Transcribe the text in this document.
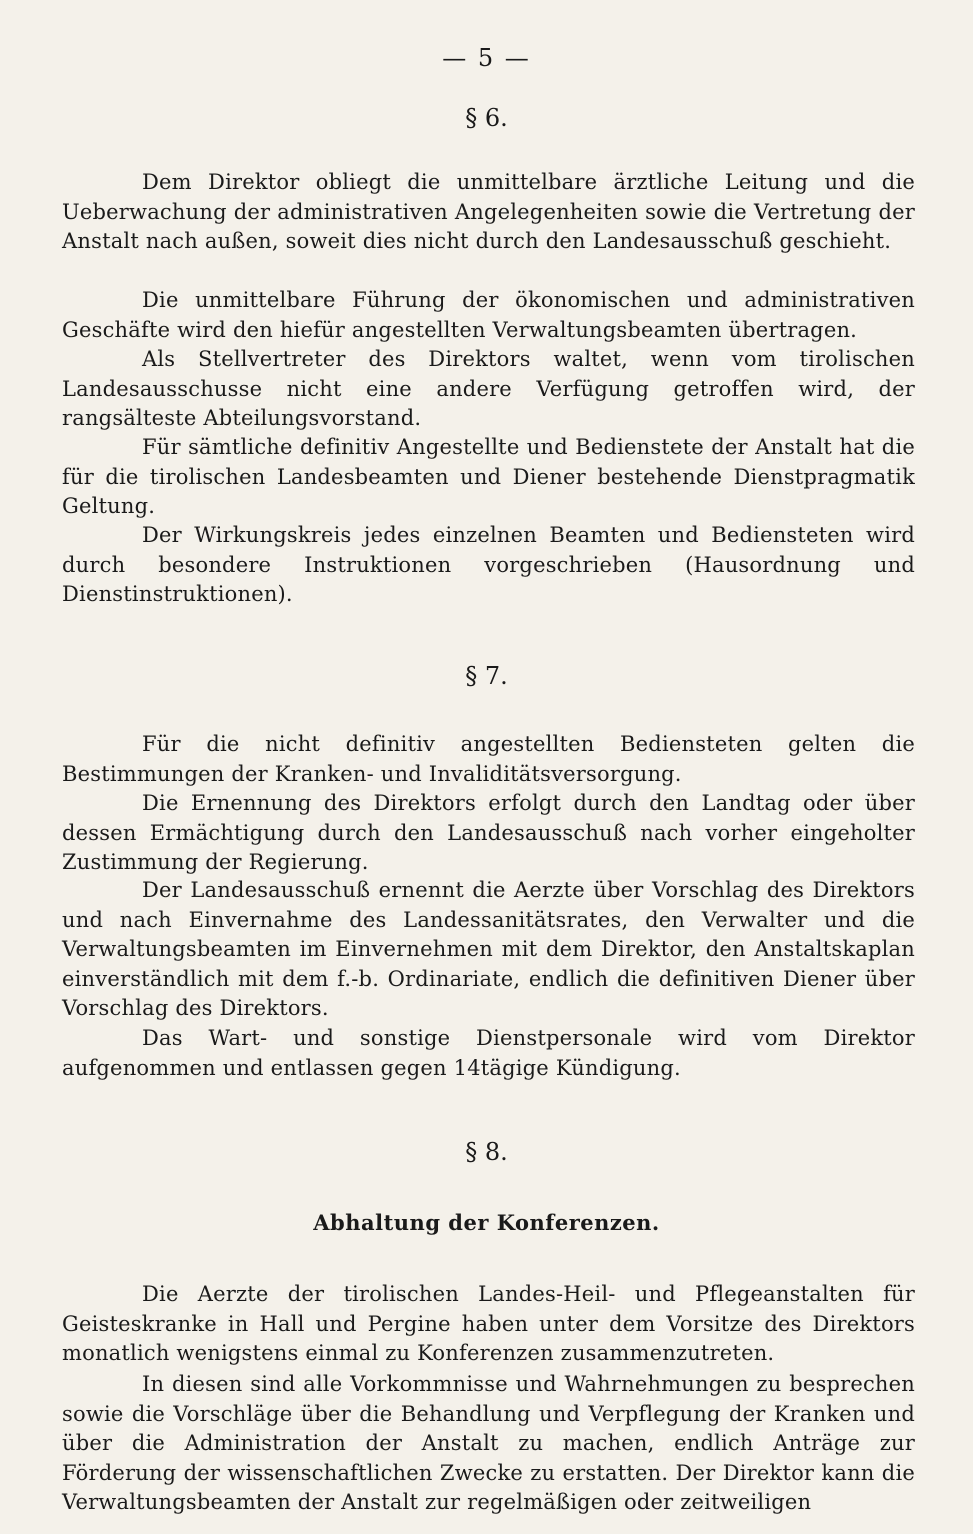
— 5 —
§ 6.

Dem Direktor obliegt die unmittelbare ärztliche Leitung und die Ueberwachung der administrativen Angelegenheiten sowie die Vertretung der Anstalt nach außen, soweit dies nicht durch den Landesausschuß geschieht.

Die unmittelbare Führung der ökonomischen und administrativen Geschäfte wird den hiefür angestellten Verwaltungsbeamten übertragen.

Als Stellvertreter des Direktors waltet, wenn vom tirolischen Landesausschusse nicht eine andere Verfügung getroffen wird, der rangsälteste Abteilungsvorstand.

Für sämtliche definitiv Angestellte und Bedienstete der Anstalt hat die für die tirolischen Landesbeamten und Diener bestehende Dienstpragmatik Geltung.

Der Wirkungskreis jedes einzelnen Beamten und Bediensteten wird durch besondere Instruktionen vorgeschrieben (Hausordnung und Dienstinstruktionen).

§ 7.

Für die nicht definitiv angestellten Bediensteten gelten die Bestimmungen der Kranken- und Invaliditätsversorgung.

Die Ernennung des Direktors erfolgt durch den Landtag oder über dessen Ermächtigung durch den Landesausschuß nach vorher eingeholter Zustimmung der Regierung.

Der Landesausschuß ernennt die Aerzte über Vorschlag des Direktors und nach Einvernahme des Landessanitätsrates, den Verwalter und die Verwaltungsbeamten im Einvernehmen mit dem Direktor, den Anstaltskaplan einverständlich mit dem f.-b. Ordinariate, endlich die definitiven Diener über Vorschlag des Direktors.

Das Wart- und sonstige Dienstpersonale wird vom Direktor aufgenommen und entlassen gegen 14tägige Kündigung.

§ 8.
Abhaltung der Konferenzen.

Die Aerzte der tirolischen Landes-Heil- und Pflegeanstalten für Geisteskranke in Hall und Pergine haben unter dem Vorsitze des Direktors monatlich wenigstens einmal zu Konferenzen zusammenzutreten.

In diesen sind alle Vorkommnisse und Wahrnehmungen zu besprechen sowie die Vorschläge über die Behandlung und Verpflegung der Kranken und über die Administration der Anstalt zu machen, endlich Anträge zur Förderung der wissenschaftlichen Zwecke zu erstatten. Der Direktor kann die Verwaltungsbeamten der Anstalt zur regelmäßigen oder zeitweiligen
